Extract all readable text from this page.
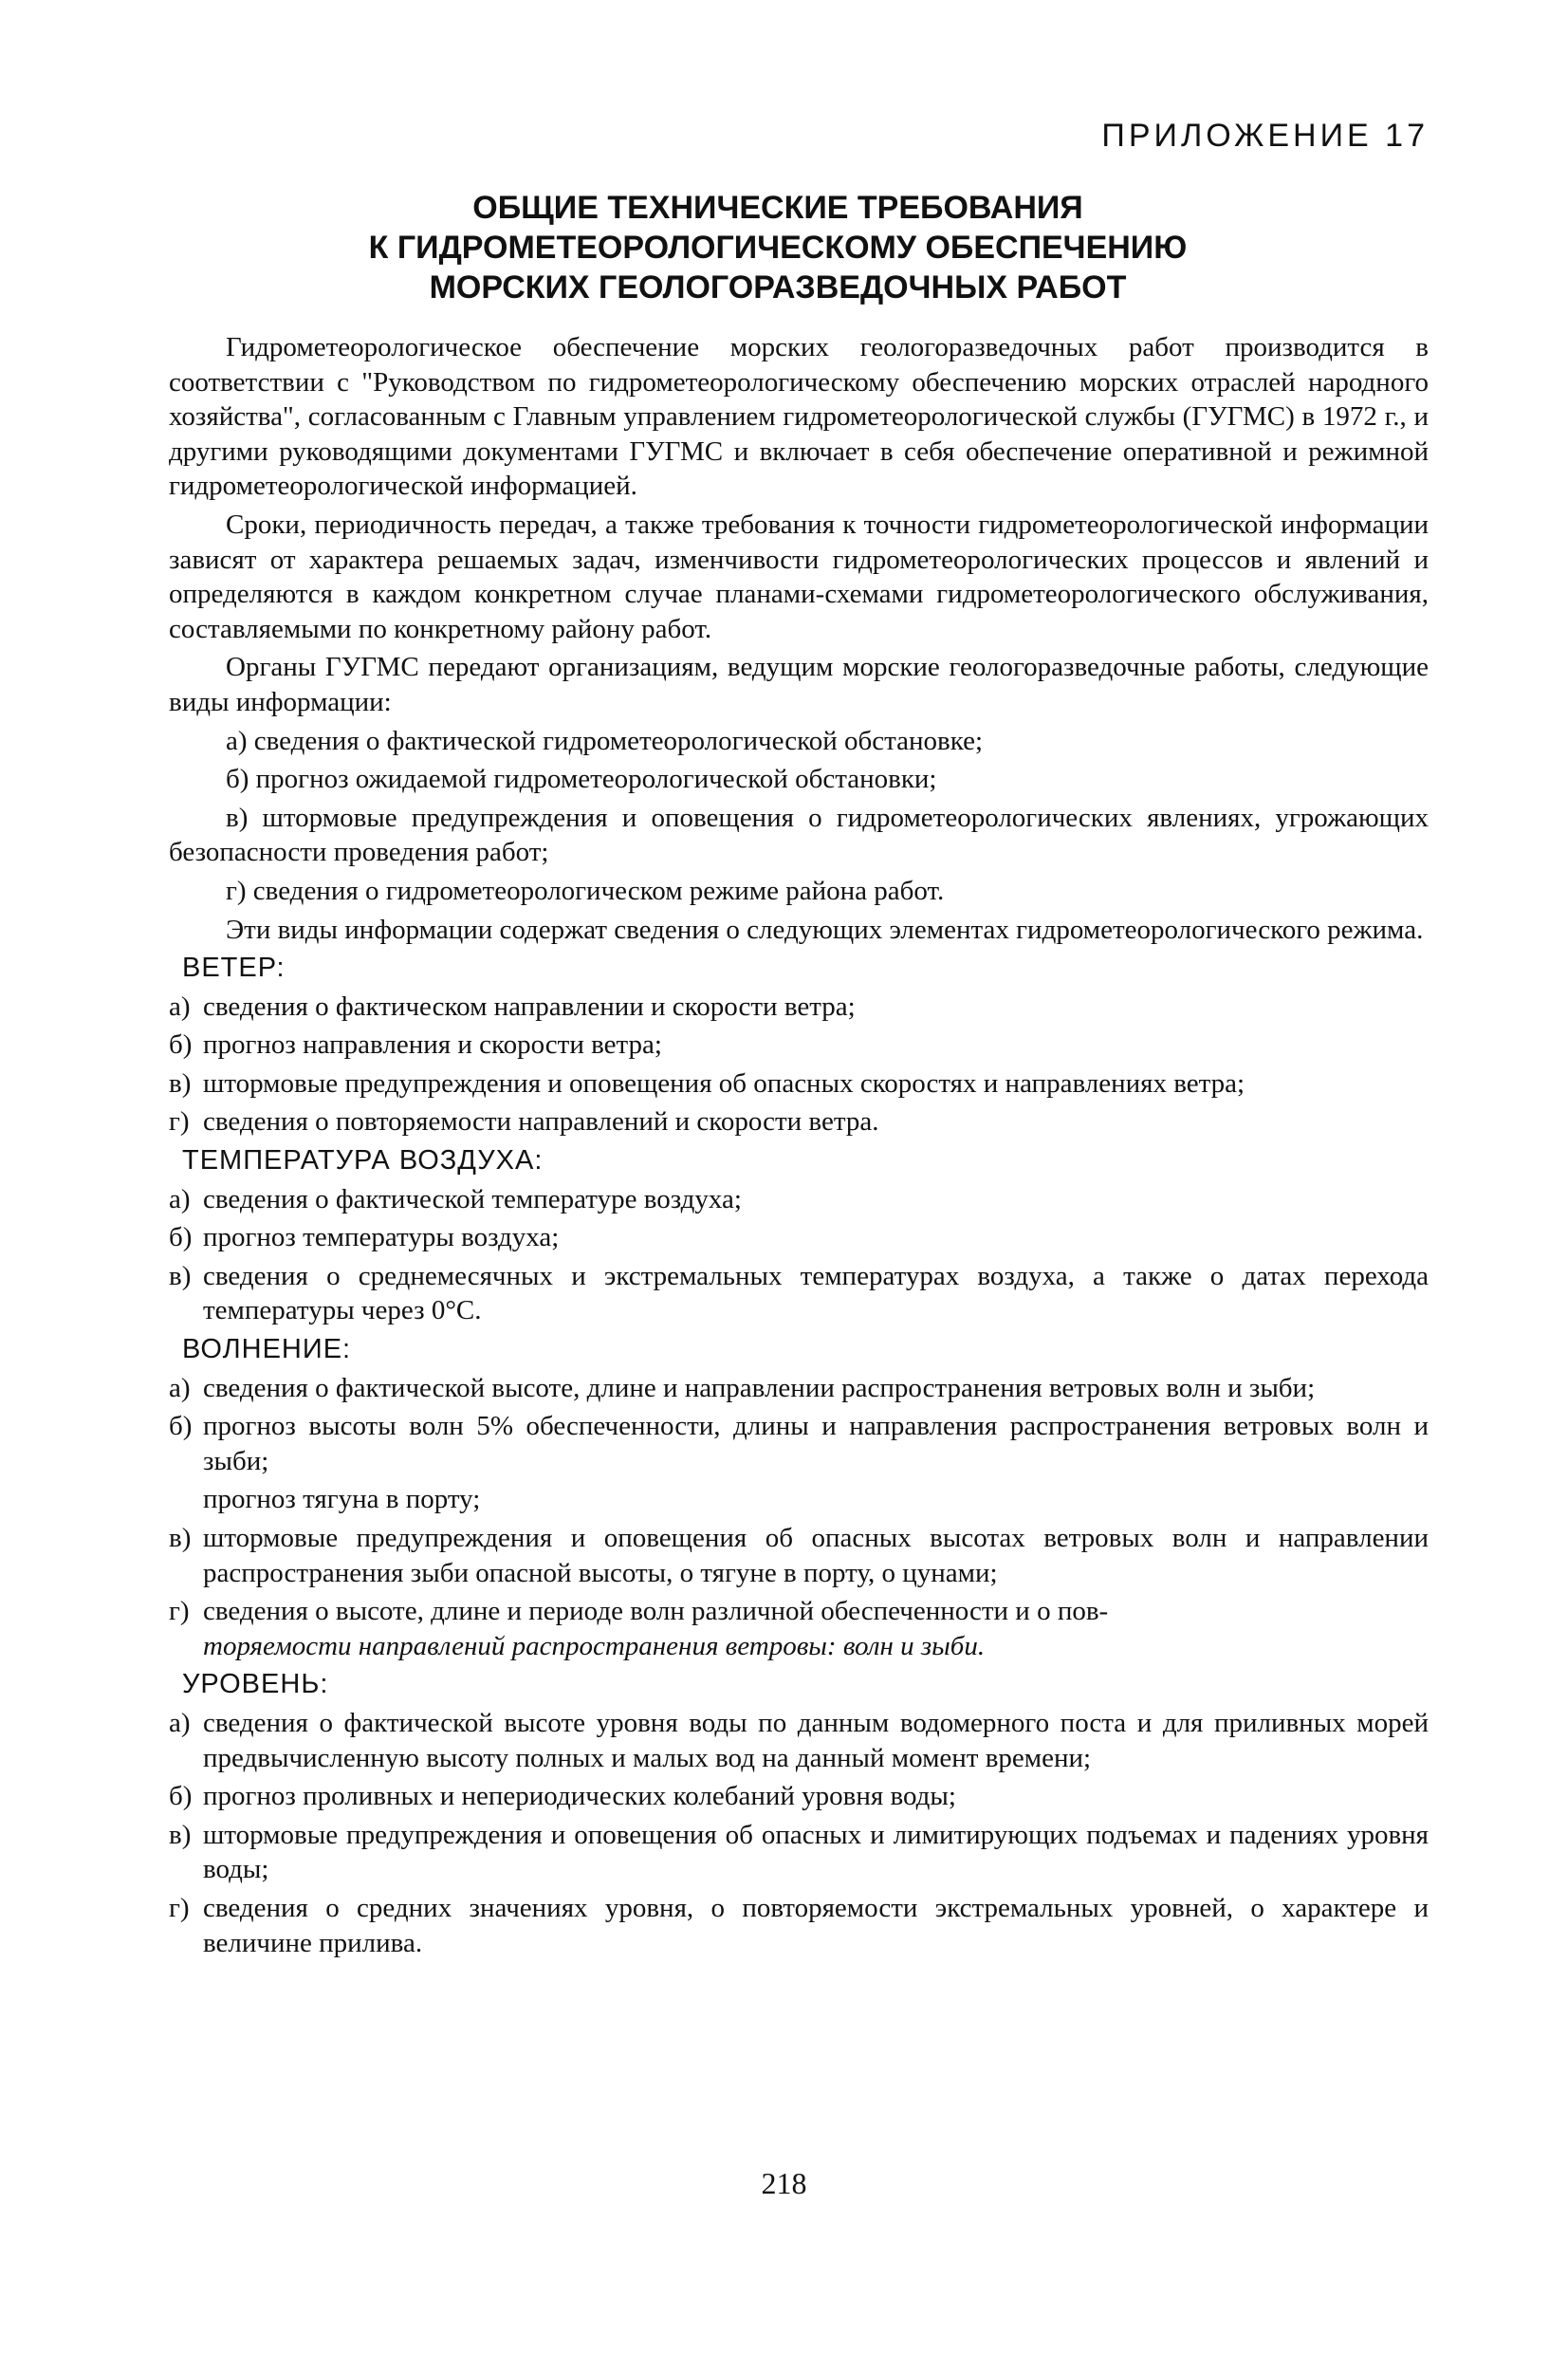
ПРИЛОЖЕНИЕ 17
ОБЩИЕ ТЕХНИЧЕСКИЕ ТРЕБОВАНИЯ
К ГИДРОМЕТЕОРОЛОГИЧЕСКОМУ ОБЕСПЕЧЕНИЮ
МОРСКИХ ГЕОЛОГОРАЗВЕДОЧНЫХ РАБОТ

Гидрометеорологическое обеспечение морских геологоразведочных работ производится в соответствии с "Руководством по гидрометеорологическому обеспечению морских отраслей народного хозяйства", согласованным с Главным управлением гидрометеорологической службы (ГУГМС) в 1972 г., и другими руководящими документами ГУГМС и включает в себя обеспечение оперативной и режимной гидрометеорологической информацией.

Сроки, периодичность передач, а также требования к точности гидрометеорологической информации зависят от характера решаемых задач, изменчивости гидрометеорологических процессов и явлений и определяются в каждом конкретном случае планами-схемами гидрометеорологического обслуживания, составляемыми по конкретному району работ.

Органы ГУГМС передают организациям, ведущим морские геологоразведочные работы, следующие виды информации:

а) сведения о фактической гидрометеорологической обстановке;

б) прогноз ожидаемой гидрометеорологической обстановки;

в) штормовые предупреждения и оповещения о гидрометеорологических явлениях, угрожающих безопасности проведения работ;

г) сведения о гидрометеорологическом режиме района работ.

Эти виды информации содержат сведения о следующих элементах гидрометеорологического режима.

ВЕТЕР:
а) сведения о фактическом направлении и скорости ветра;
б) прогноз направления и скорости ветра;
в) штормовые предупреждения и оповещения об опасных скоростях и направлениях ветра;
г) сведения о повторяемости направлений и скорости ветра.
ТЕМПЕРАТУРА ВОЗДУХА:
а) сведения о фактической температуре воздуха;
б) прогноз температуры воздуха;
в) сведения о среднемесячных и экстремальных температурах воздуха, а также о датах перехода температуры через 0°С.
ВОЛНЕНИЕ:
а) сведения о фактической высоте, длине и направлении распространения ветровых волн и зыби;
б) прогноз высоты волн 5% обеспеченности, длины и направления распространения ветровых волн и зыби;
прогноз тягуна в порту;
в) штормовые предупреждения и оповещения об опасных высотах ветровых волн и направлении распространения зыби опасной высоты, о тягуне в порту, о цунами;
г) сведения о высоте, длине и периоде волн различной обеспеченности и о пов-
торяемости направлений распространения ветровы: волн и зыби.
УРОВЕНЬ:
а) сведения о фактической высоте уровня воды по данным водомерного поста и для приливных морей предвычисленную высоту полных и малых вод на данный момент времени;
б) прогноз проливных и непериодических колебаний уровня воды;
в) штормовые предупреждения и оповещения об опасных и лимитирующих подъемах и падениях уровня воды;
г) сведения о средних значениях уровня, о повторяемости экстремальных уровней, о характере и величине прилива.
218
